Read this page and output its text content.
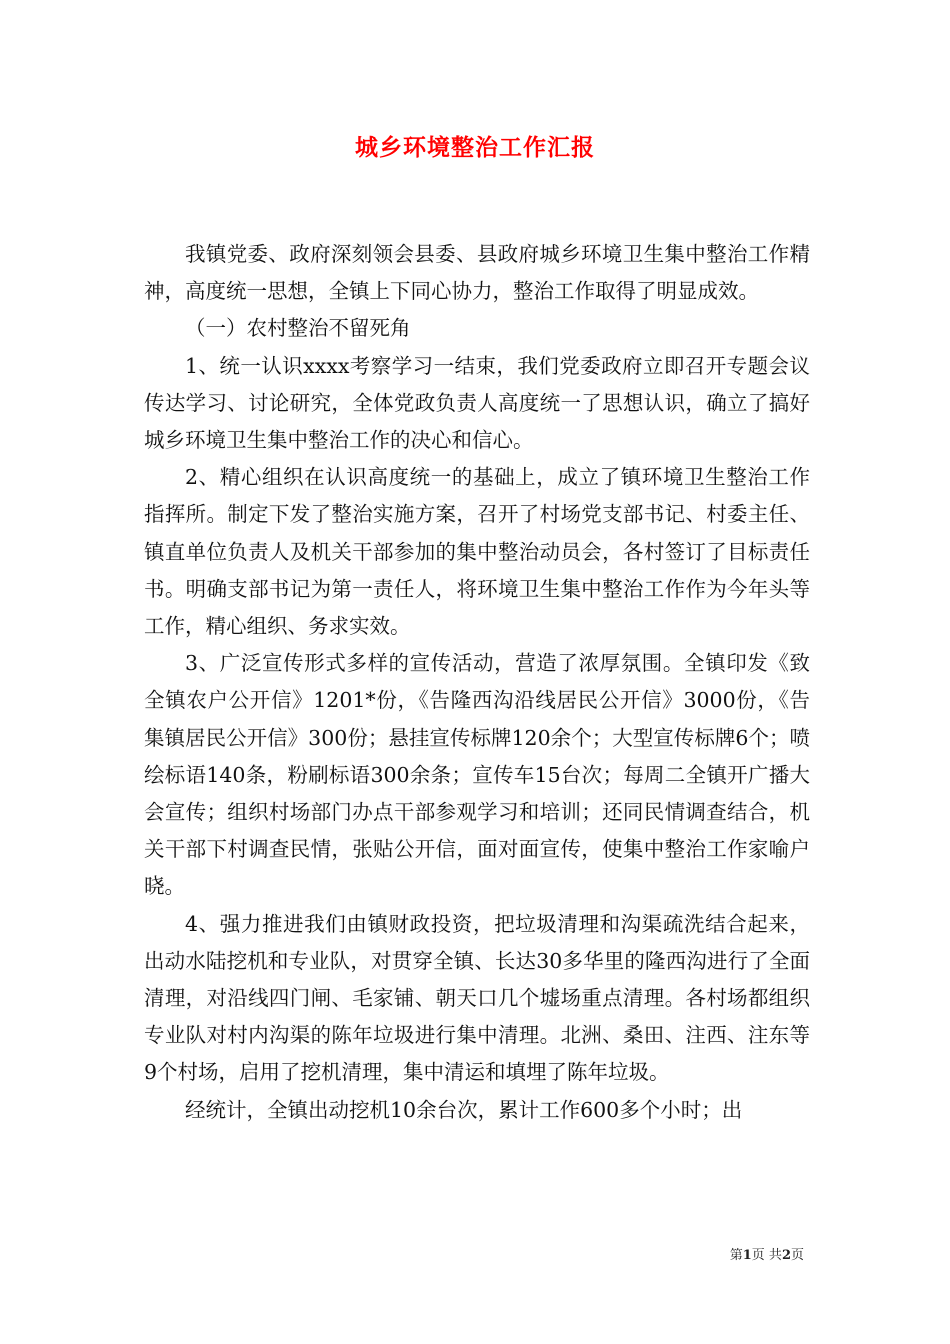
城乡环境整治工作汇报

我镇党委、政府深刻领会县委、县政府城乡环境卫生集中整治工作精神，高度统一思想，全镇上下同心协力，整治工作取得了明显成效。

（一）农村整治不留死角

1、统一认识xxxx考察学习一结束，我们党委政府立即召开专题会议传达学习、讨论研究，全体党政负责人高度统一了思想认识，确立了搞好城乡环境卫生集中整治工作的决心和信心。

2、精心组织在认识高度统一的基础上，成立了镇环境卫生整治工作指挥所。制定下发了整治实施方案，召开了村场党支部书记、村委主任、镇直单位负责人及机关干部参加的集中整治动员会，各村签订了目标责任书。明确支部书记为第一责任人，将环境卫生集中整治工作作为今年头等工作，精心组织、务求实效。

3、广泛宣传形式多样的宣传活动，营造了浓厚氛围。全镇印发《致全镇农户公开信》1201*份，《告隆西沟沿线居民公开信》3000份，《告集镇居民公开信》300份；悬挂宣传标牌120余个；大型宣传标牌6个；喷绘标语140条，粉刷标语300余条；宣传车15台次；每周二全镇开广播大会宣传；组织村场部门办点干部参观学习和培训；还同民情调查结合，机关干部下村调查民情，张贴公开信，面对面宣传，使集中整治工作家喻户晓。

4、强力推进我们由镇财政投资，把垃圾清理和沟渠疏洗结合起来，出动水陆挖机和专业队，对贯穿全镇、长达30多华里的隆西沟进行了全面清理，对沿线四门闸、毛家铺、朝天口几个墟场重点清理。各村场都组织专业队对村内沟渠的陈年垃圾进行集中清理。北洲、桑田、注西、注东等9个村场，启用了挖机清理，集中清运和填埋了陈年垃圾。

经统计，全镇出动挖机10余台次，累计工作600多个小时；出

第1页 共2页
